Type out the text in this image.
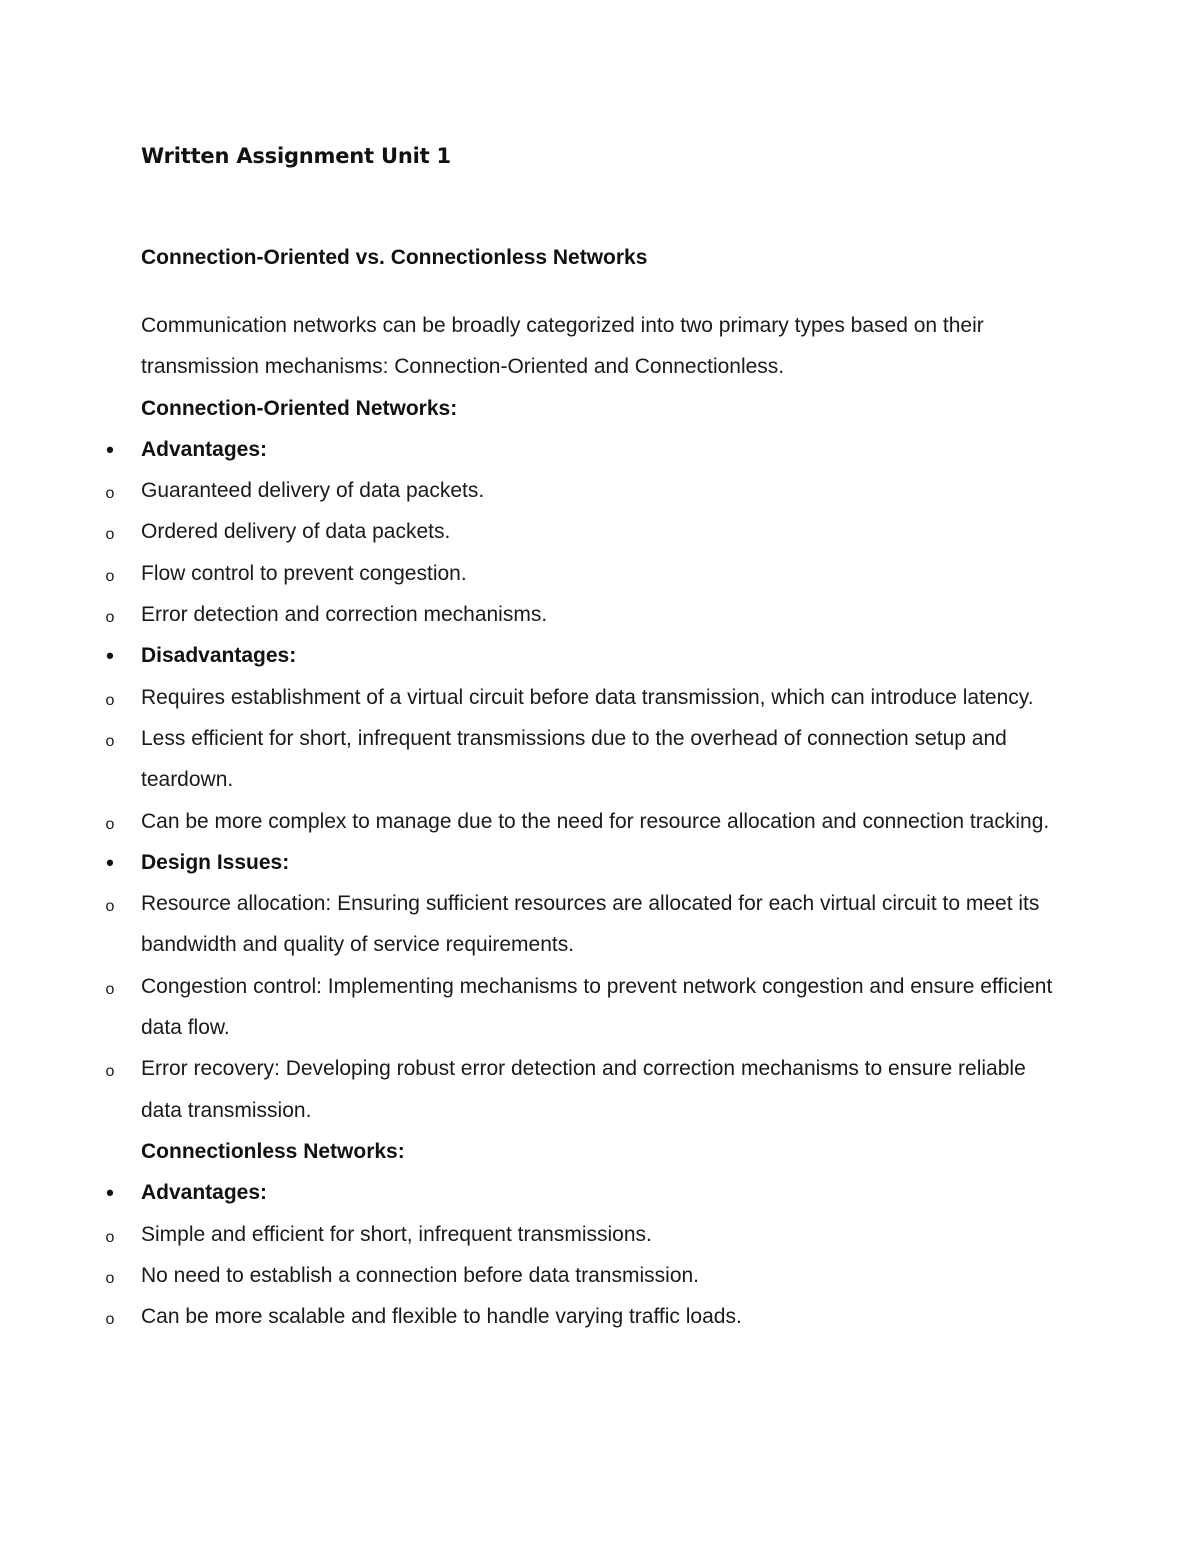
Written Assignment Unit 1
Connection-Oriented vs. Connectionless Networks

Communication networks can be broadly categorized into two primary types based on their transmission mechanisms: Connection-Oriented and Connectionless.

Connection-Oriented Networks:
• Advantages:
o Guaranteed delivery of data packets.
o Ordered delivery of data packets.
o Flow control to prevent congestion.
o Error detection and correction mechanisms.
• Disadvantages:
o Requires establishment of a virtual circuit before data transmission, which can introduce latency.
o Less efficient for short, infrequent transmissions due to the overhead of connection setup and teardown.
o Can be more complex to manage due to the need for resource allocation and connection tracking.
• Design Issues:
o Resource allocation: Ensuring sufficient resources are allocated for each virtual circuit to meet its bandwidth and quality of service requirements.
o Congestion control: Implementing mechanisms to prevent network congestion and ensure efficient data flow.
o Error recovery: Developing robust error detection and correction mechanisms to ensure reliable data transmission.
Connectionless Networks:
• Advantages:
o Simple and efficient for short, infrequent transmissions.
o No need to establish a connection before data transmission.
o Can be more scalable and flexible to handle varying traffic loads.
